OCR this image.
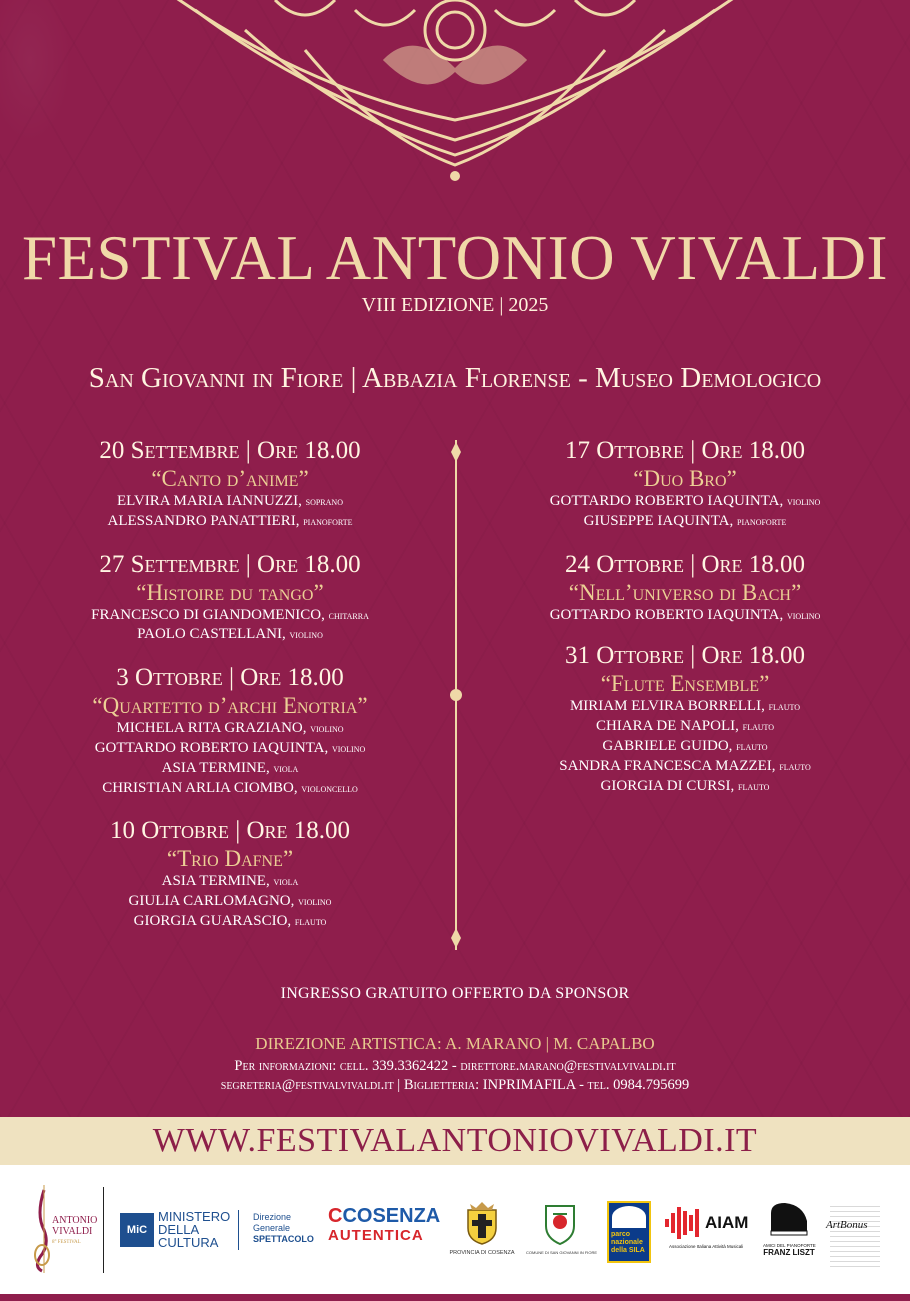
FESTIVAL ANTONIO VIVALDI
VIII EDIZIONE | 2025
San Giovanni in Fiore | Abbazia Florense - Museo Demologico
20 Settembre | Ore 18.00
“Canto d’anime”
ELVIRA MARIA IANNUZZI, soprano
ALESSANDRO PANATTIERI, pianoforte
27 Settembre | Ore 18.00
“Histoire du tango”
FRANCESCO DI GIANDOMENICO, chitarra
PAOLO CASTELLANI, violino
3 Ottobre | Ore 18.00
“Quartetto d’archi Enotria”
MICHELA RITA GRAZIANO, violino
GOTTARDO ROBERTO IAQUINTA, violino
ASIA TERMINE, viola
CHRISTIAN ARLIA CIOMBO, violoncello
10 Ottobre | Ore 18.00
“Trio Dafne”
ASIA TERMINE, viola
GIULIA CARLOMAGNO, violino
GIORGIA GUARASCIO, flauto
17 Ottobre | Ore 18.00
“Duo Bro”
GOTTARDO ROBERTO IAQUINTA, violino
GIUSEPPE IAQUINTA, pianoforte
24 Ottobre | Ore 18.00
“Nell’universo di Bach”
GOTTARDO ROBERTO IAQUINTA, violino
31 Ottobre | Ore 18.00
“Flute Ensemble”
MIRIAM ELVIRA BORRELLI, flauto
CHIARA DE NAPOLI, flauto
GABRIELE GUIDO, flauto
SANDRA FRANCESCA MAZZEI, flauto
GIORGIA DI CURSI, flauto
INGRESSO GRATUITO OFFERTO DA SPONSOR
DIREZIONE ARTISTICA: A. MARANO | M. CAPALBO
Per informazioni: cell. 339.3362422 - direttore.marano@festivalvivaldi.it
segreteria@festivalvivaldi.it | Biglietteria: INPRIMAFILA - tel. 0984.795699
WWW.FESTIVALANTONIOVIVALDI.IT
ANTONIO
VIVALDI
8° FESTIVAL
MiC
MINISTERO
DELLA
CULTURA
Direzione
Generale
SPETTACOLO
CCOSENZA
AUTENTICA
PROVINCIA DI COSENZA	COMUNE DI SAN GIOVANNI IN FIORE
parco
nazionale
della SILA
AIAM
Associazione Italiana Attività Musicali	AMICI DEL PIANOFORTE
FRANZ LISZT
ArtBonus
